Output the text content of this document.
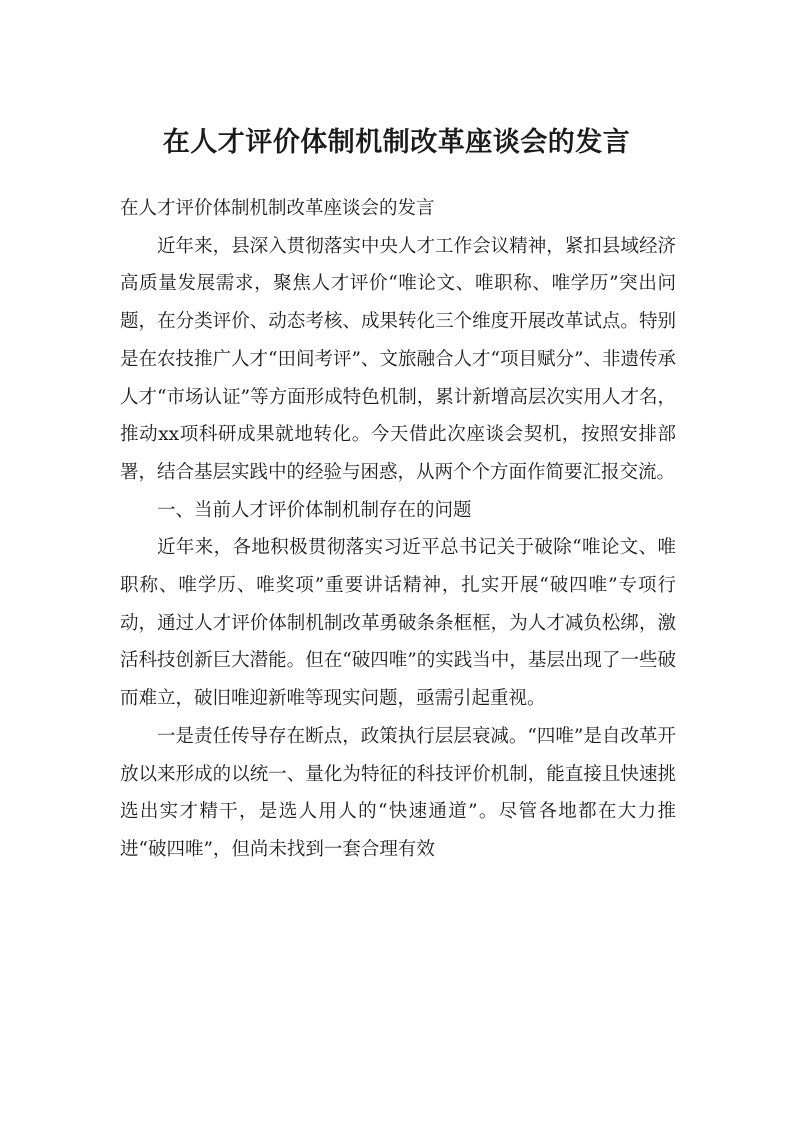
在人才评价体制机制改革座谈会的发言

在人才评价体制机制改革座谈会的发言

近年来，县深入贯彻落实中央人才工作会议精神，紧扣县域经济高质量发展需求，聚焦人才评价“唯论文、唯职称、唯学历”突出问题，在分类评价、动态考核、成果转化三个维度开展改革试点。特别是在农技推广人才“田间考评”、文旅融合人才“项目赋分”、非遗传承人才“市场认证”等方面形成特色机制，累计新增高层次实用人才名，推动xx项科研成果就地转化。今天借此次座谈会契机，按照安排部署，结合基层实践中的经验与困惑，从两个个方面作简要汇报交流。

一、当前人才评价体制机制存在的问题

近年来，各地积极贯彻落实习近平总书记关于破除“唯论文、唯职称、唯学历、唯奖项”重要讲话精神，扎实开展“破四唯”专项行动，通过人才评价体制机制改革勇破条条框框，为人才减负松绑，激活科技创新巨大潜能。但在“破四唯”的实践当中，基层出现了一些破而难立，破旧唯迎新唯等现实问题，亟需引起重视。

一是责任传导存在断点，政策执行层层衰减。“四唯”是自改革开放以来形成的以统一、量化为特征的科技评价机制，能直接且快速挑选出实才精干，是选人用人的“快速通道”。尽管各地都在大力推进“破四唯”，但尚未找到一套合理有效
